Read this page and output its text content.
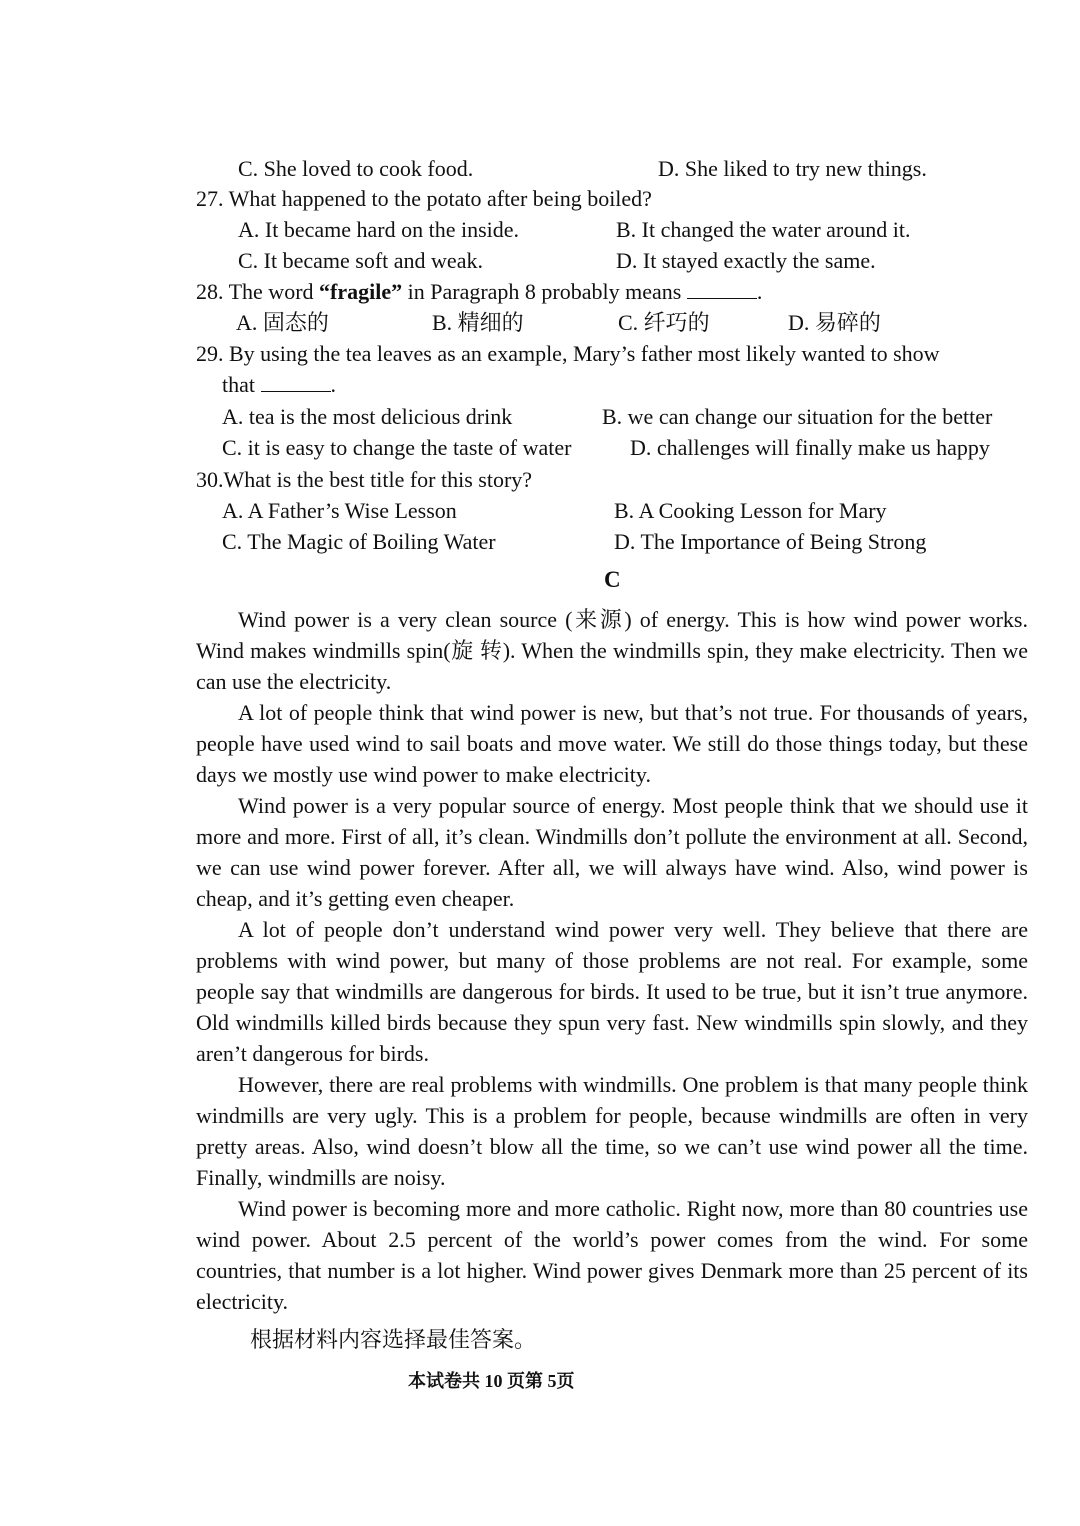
C. She loved to cook food.	D. She liked to try new things.
27. What happened to the potato after being boiled?
A. It became hard on the inside.	B. It changed the water around it.
C. It became soft and weak.	D. It stayed exactly the same.
28. The word “fragile” in Paragraph 8 probably means	.
A. 固态的	B. 精细的	C. 纤巧的	D. 易碎的
29. By using the tea leaves as an example, Mary’s father most likely wanted to show
that	.
A. tea is the most delicious drink	B. we can change our situation for the better
C. it is easy to change the taste of water	D. challenges will finally make us happy
30.What is the best title for this story?
A. A Father’s Wise Lesson	B. A Cooking Lesson for Mary
C. The Magic of Boiling Water	D. The Importance of Being Strong
C

Wind power is a very clean source (来源) of energy. This is how wind power works. Wind makes windmills spin(旋 转). When the windmills spin, they make electricity. Then we can use the electricity.

A lot of people think that wind power is new, but that’s not true. For thousands of years, people have used wind to sail boats and move water. We still do those things today, but these days we mostly use wind power to make electricity.

Wind power is a very popular source of energy. Most people think that we should use it more and more. First of all, it’s clean. Windmills don’t pollute the environment at all. Second, we can use wind power forever. After all, we will always have wind. Also, wind power is cheap, and it’s getting even cheaper.

A lot of people don’t understand wind power very well. They believe that there are problems with wind power, but many of those problems are not real. For example, some people say that windmills are dangerous for birds. It used to be true, but it isn’t true anymore. Old windmills killed birds because they spun very fast. New windmills spin slowly, and they aren’t dangerous for birds.

However, there are real problems with windmills. One problem is that many people think windmills are very ugly. This is a problem for people, because windmills are often in very pretty areas. Also, wind doesn’t blow all the time, so we can’t use wind power all the time. Finally, windmills are noisy.

Wind power is becoming more and more catholic. Right now, more than 80 countries use wind power. About 2.5 percent of the world’s power comes from the wind. For some countries, that number is a lot higher. Wind power gives Denmark more than 25 percent of its electricity.

根据材料内容选择最佳答案。
本试卷共 10 页第 5页
